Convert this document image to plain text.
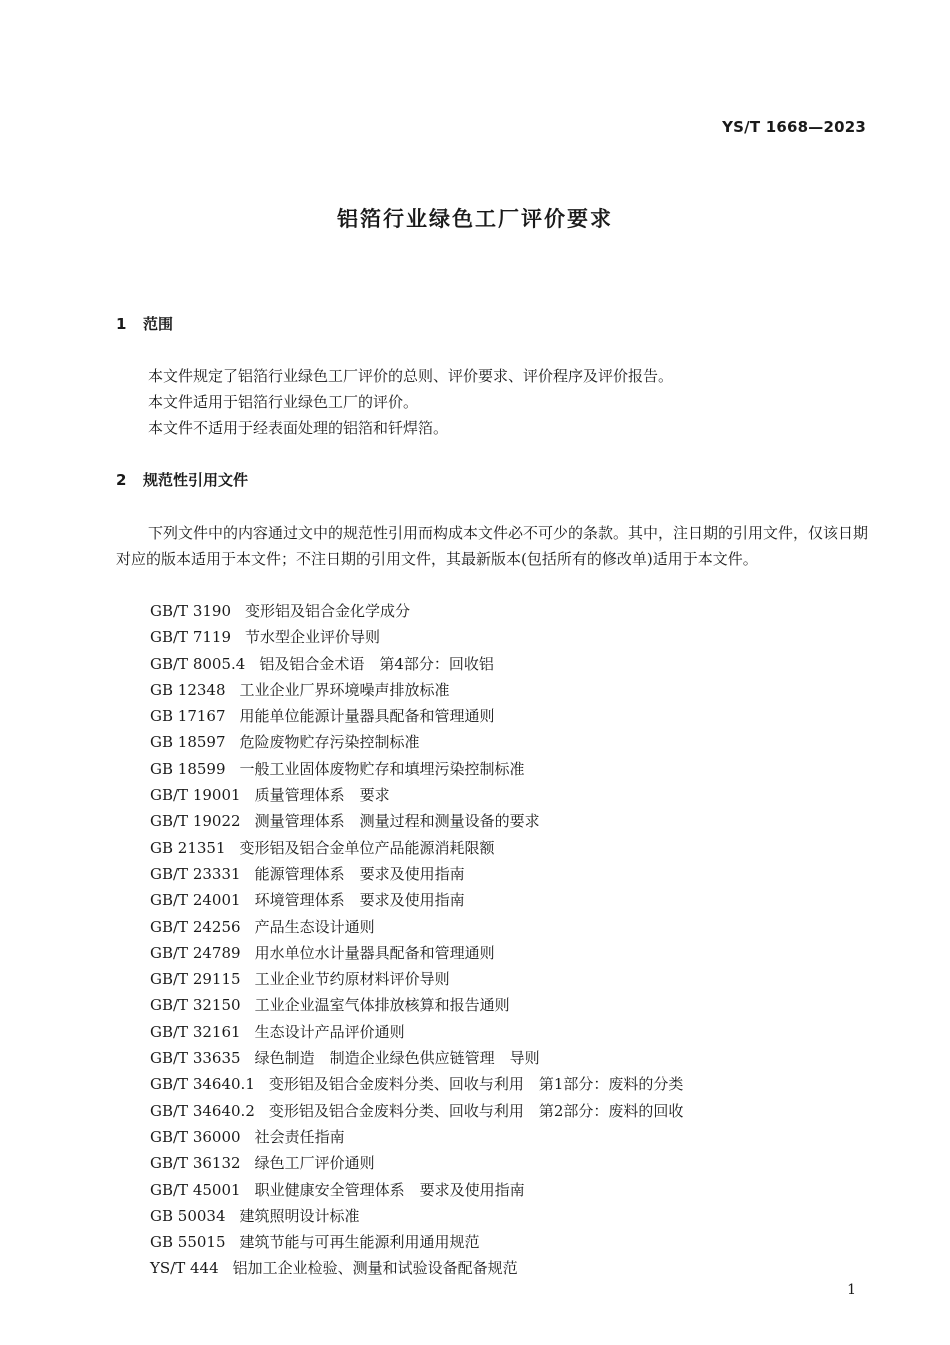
YS/T 1668—2023
铝箔行业绿色工厂评价要求
1 范围
本文件规定了铝箔行业绿色工厂评价的总则、评价要求、评价程序及评价报告。
本文件适用于铝箔行业绿色工厂的评价。
本文件不适用于经表面处理的铝箔和钎焊箔。
2 规范性引用文件
下列文件中的内容通过文中的规范性引用而构成本文件必不可少的条款。其中，注日期的引用文件，仅该日期对应的版本适用于本文件；不注日期的引用文件，其最新版本(包括所有的修改单)适用于本文件。
GB/T 3190 变形铝及铝合金化学成分
GB/T 7119 节水型企业评价导则
GB/T 8005.4 铝及铝合金术语　第4部分：回收铝
GB 12348 工业企业厂界环境噪声排放标准
GB 17167 用能单位能源计量器具配备和管理通则
GB 18597 危险废物贮存污染控制标准
GB 18599 一般工业固体废物贮存和填埋污染控制标准
GB/T 19001 质量管理体系　要求
GB/T 19022 测量管理体系　测量过程和测量设备的要求
GB 21351 变形铝及铝合金单位产品能源消耗限额
GB/T 23331 能源管理体系　要求及使用指南
GB/T 24001 环境管理体系　要求及使用指南
GB/T 24256 产品生态设计通则
GB/T 24789 用水单位水计量器具配备和管理通则
GB/T 29115 工业企业节约原材料评价导则
GB/T 32150 工业企业温室气体排放核算和报告通则
GB/T 32161 生态设计产品评价通则
GB/T 33635 绿色制造　制造企业绿色供应链管理　导则
GB/T 34640.1 变形铝及铝合金废料分类、回收与利用　第1部分：废料的分类
GB/T 34640.2 变形铝及铝合金废料分类、回收与利用　第2部分：废料的回收
GB/T 36000 社会责任指南
GB/T 36132 绿色工厂评价通则
GB/T 45001 职业健康安全管理体系　要求及使用指南
GB 50034 建筑照明设计标准
GB 55015 建筑节能与可再生能源利用通用规范
YS/T 444 铝加工企业检验、测量和试验设备配备规范
1
